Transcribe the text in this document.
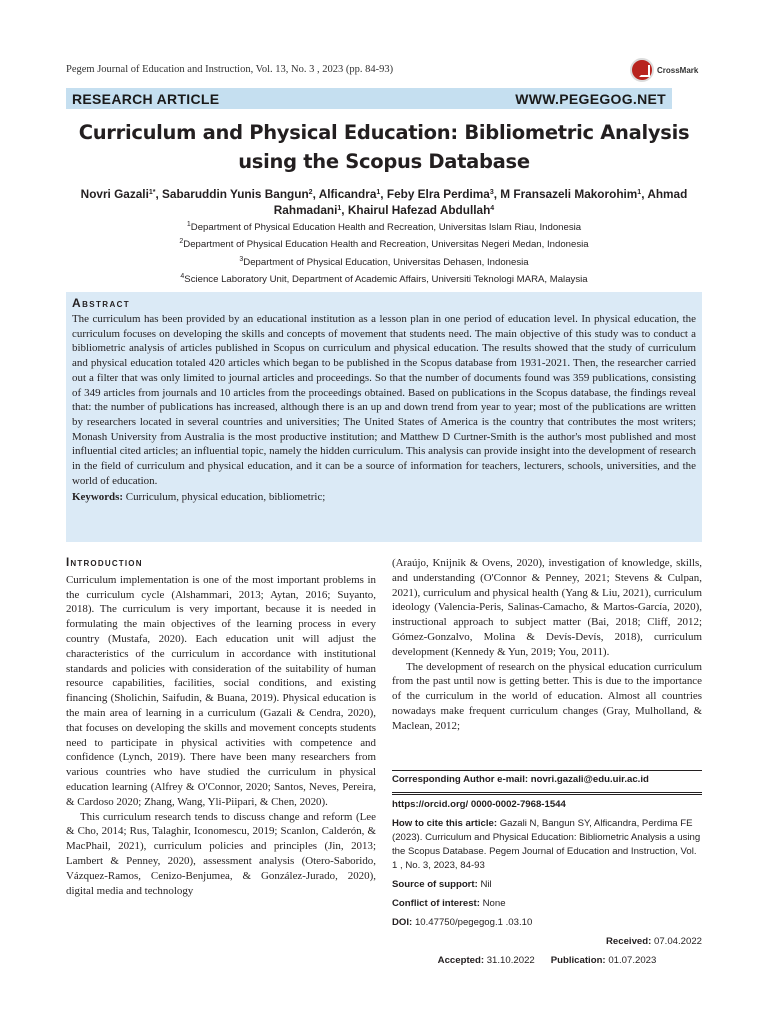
Pegem Journal of Education and Instruction, Vol. 13, No. 3 , 2023 (pp. 84-93)	CrossMark
RESEARCH ARTICLE	WWW.PEGEGOG.NET
Curriculum and Physical Education: Bibliometric Analysis using the Scopus Database
Novri Gazali$^{1*}$, Sabaruddin Yunis Bangun$^2$, Alficandra$^1$, Feby Elra Perdima$^3$, M Fransazeli Makorohim$^1$, Ahmad Rahmadani$^1$, Khairul Hafezad Abdullah$^4$
$^1$Department of Physical Education Health and Recreation, Universitas Islam Riau, Indonesia
$^2$Department of Physical Education Health and Recreation, Universitas Negeri Medan, Indonesia
$^3$Department of Physical Education, Universitas Dehasen, Indonesia
$^4$Science Laboratory Unit, Department of Academic Affairs, Universiti Teknologi MARA, Malaysia
Abstract
The curriculum has been provided by an educational institution as a lesson plan in one period of education level. In physical education, the curriculum focuses on developing the skills and concepts of movement that students need. The main objective of this study was to conduct a bibliometric analysis of articles published in Scopus on curriculum and physical education. The results showed that the study of curriculum and physical education totaled 420 articles which began to be published in the Scopus database from 1931-2021. Then, the researcher carried out a filter that was only limited to journal articles and proceedings. So that the number of documents found was 359 publications, consisting of 349 articles from journals and 10 articles from the proceedings obtained. Based on publications in the Scopus database, the findings reveal that: the number of publications has increased, although there is an up and down trend from year to year; most of the publications are written by researchers located in several countries and universities; The United States of America is the country that contributes the most writers; Monash University from Australia is the most productive institution; and Matthew D Curtner-Smith is the author's most published and most influential cited articles; an influential topic, namely the hidden curriculum. This analysis can provide insight into the development of research in the field of curriculum and physical education, and it can be a source of information for teachers, lecturers, schools, universities, and the world of education.
Keywords: Curriculum, physical education, bibliometric;
Introduction

Curriculum implementation is one of the most important problems in the curriculum cycle (Alshammari, 2013; Aytan, 2016; Suyanto, 2018). The curriculum is very important, because it is needed in formulating the main objectives of the learning process in every country (Mustafa, 2020). Each education unit will adjust the characteristics of the curriculum in accordance with institutional standards and policies with consideration of the suitability of human resource capabilities, facilities, social conditions, and existing financing (Sholichin, Saifudin, & Buana, 2019). Physical education is the main area of learning in a curriculum (Gazali & Cendra, 2020), that focuses on developing the skills and movement concepts students need to participate in physical activities with competence and confidence (Lynch, 2019). There have been many researchers from various countries who have studied the curriculum in physical education learning (Alfrey & O'Connor, 2020; Santos, Neves, Pereira, & Cardoso 2020; Zhang, Wang, Yli-Piipari, & Chen, 2020).

This curriculum research tends to discuss change and reform (Lee & Cho, 2014; Rus, Talaghir, Iconomescu, 2019; Scanlon, Calderón, & MacPhail, 2021), curriculum policies and principles (Jin, 2013; Lambert & Penney, 2020), assessment analysis (Otero-Saborido, Vázquez-Ramos, Cenizo-Benjumea, & González-Jurado, 2020), digital media and technology

(Araújo, Knijnik & Ovens, 2020), investigation of knowledge, skills, and understanding (O'Connor & Penney, 2021; Stevens & Culpan, 2021), curriculum and physical health (Yang & Liu, 2021), curriculum ideology (Valencia-Peris, Salinas-Camacho, & Martos-García, 2020), instructional approach to subject matter (Bai, 2018; Cliff, 2012; Gómez-Gonzalvo, Molina & Devís-Devís, 2018), curriculum development (Kennedy & Yun, 2019; You, 2011).

The development of research on the physical education curriculum from the past until now is getting better. This is due to the importance of the curriculum in the world of education. Almost all countries nowadays make frequent curriculum changes (Gray, Mulholland, & Maclean, 2012;

Corresponding Author e-mail: novri.gazali@edu.uir.ac.id
https://orcid.org/ 0000-0002-7968-1544
How to cite this article: Gazali N, Bangun SY, Alficandra, Perdima FE (2023). Curriculum and Physical Education: Bibliometric Analysis a using the Scopus Database. Pegem Journal of Education and Instruction, Vol. 1 , No. 3, 2023, 84-93
Source of support: Nil
Conflict of interest: None
DOI: 10.47750/pegegog.1 .03.10
Received: 07.04.2022
Accepted: 31.10.2022 Publication: 01.07.2023
